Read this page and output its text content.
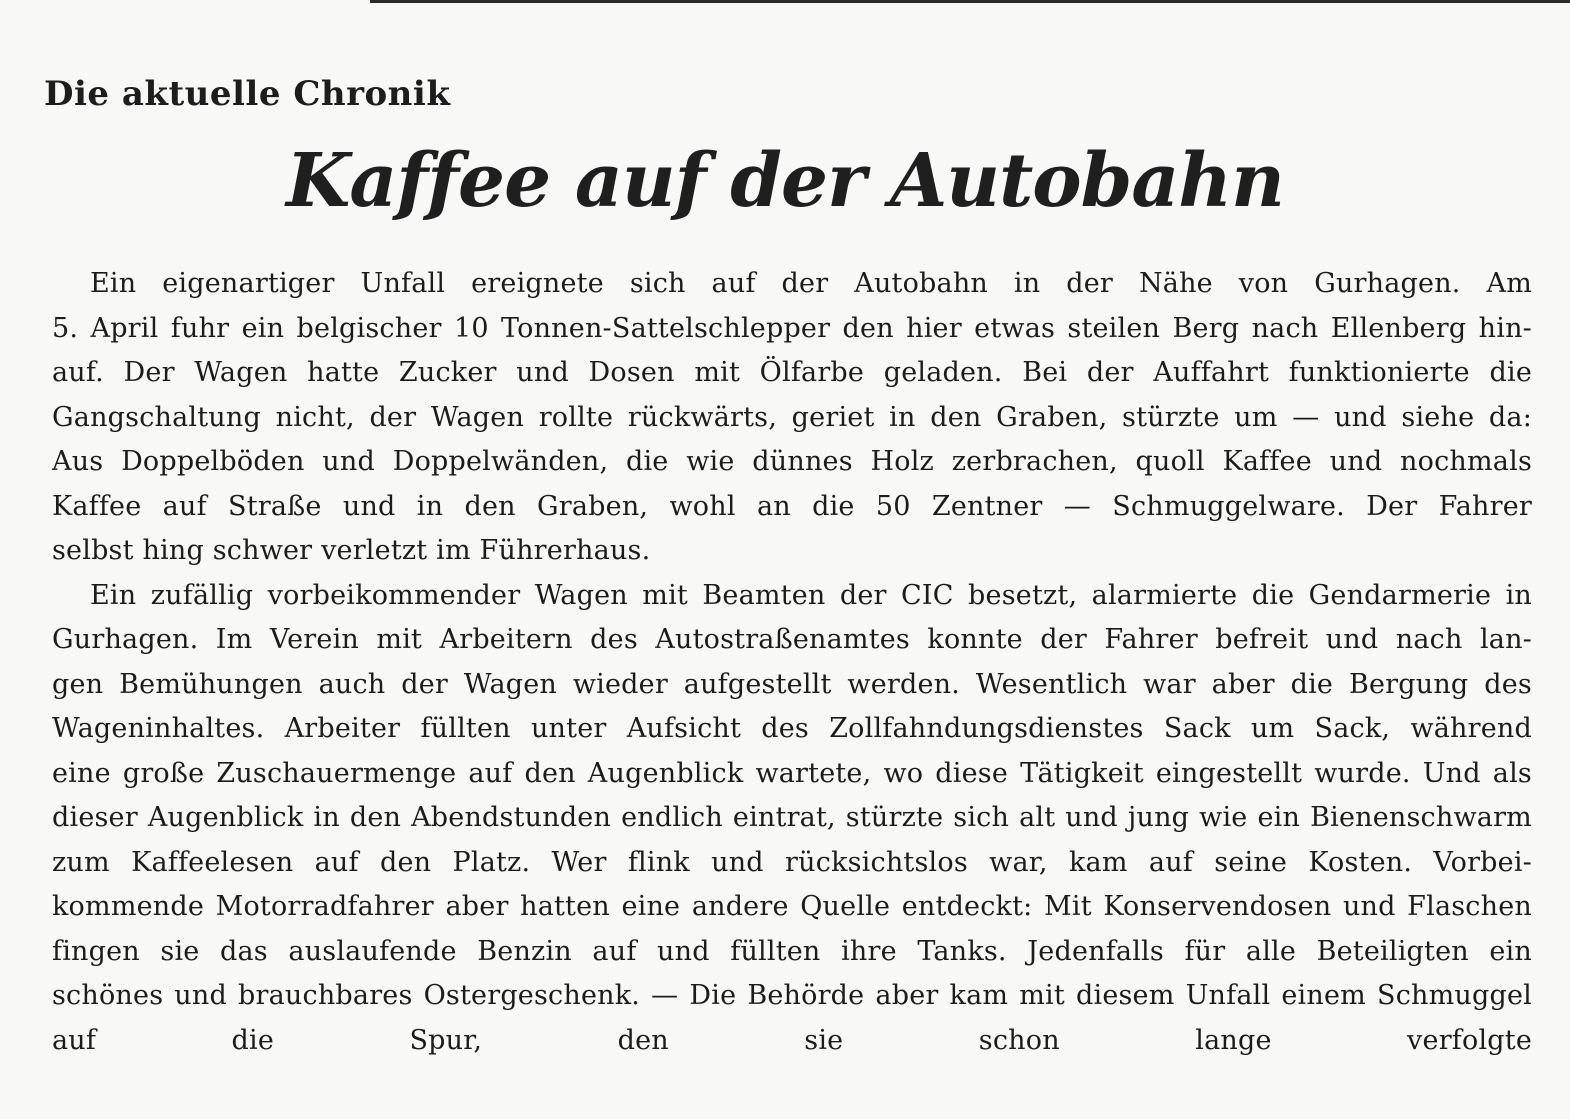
Die aktuelle Chronik
Kaffee auf der Autobahn

Ein eigenartiger Unfall ereignete sich auf der Autobahn in der Nähe von Gurhagen. Am
5. April fuhr ein belgischer 10 Tonnen-Sattelschlepper den hier etwas steilen Berg nach Ellenberg hin-
auf. Der Wagen hatte Zucker und Dosen mit Ölfarbe geladen. Bei der Auffahrt funktionierte die
Gangschaltung nicht, der Wagen rollte rückwärts, geriet in den Graben, stürzte um — und siehe da:
Aus Doppelböden und Doppelwänden, die wie dünnes Holz zerbrachen, quoll Kaffee und nochmals
Kaffee auf Straße und in den Graben, wohl an die 50 Zentner — Schmuggelware. Der Fahrer
selbst hing schwer verletzt im Führerhaus.

Ein zufällig vorbeikommender Wagen mit Beamten der CIC besetzt, alarmierte die Gendarmerie in
Gurhagen. Im Verein mit Arbeitern des Autostraßenamtes konnte der Fahrer befreit und nach lan-
gen Bemühungen auch der Wagen wieder aufgestellt werden. Wesentlich war aber die Bergung des
Wageninhaltes. Arbeiter füllten unter Aufsicht des Zollfahndungsdienstes Sack um Sack, während
eine große Zuschauermenge auf den Augenblick wartete, wo diese Tätigkeit eingestellt wurde. Und als
dieser Augenblick in den Abendstunden endlich eintrat, stürzte sich alt und jung wie ein Bienenschwarm
zum Kaffeelesen auf den Platz. Wer flink und rücksichtslos war, kam auf seine Kosten. Vorbei-
kommende Motorradfahrer aber hatten eine andere Quelle entdeckt: Mit Konservendosen und Flaschen
fingen sie das auslaufende Benzin auf und füllten ihre Tanks. Jedenfalls für alle Beteiligten ein
schönes und brauchbares Ostergeschenk. — Die Behörde aber kam mit diesem Unfall einem Schmuggel
auf die Spur, den sie schon lange verfolgte
